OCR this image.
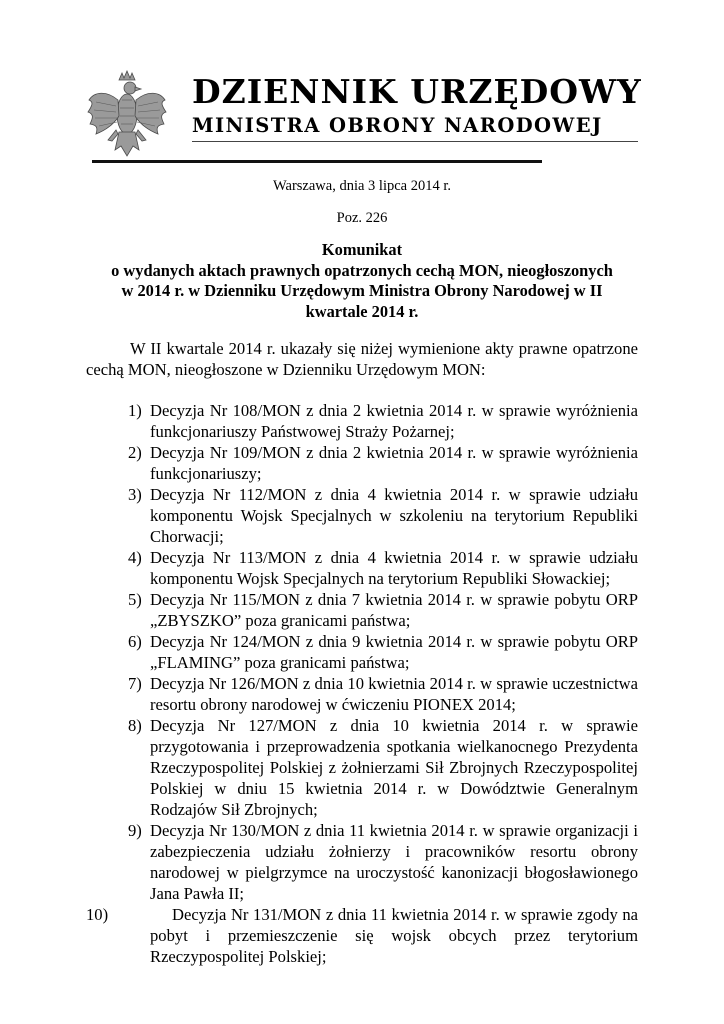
DZIENNIK URZĘDOWY
MINISTRA OBRONY NARODOWEJ
Warszawa, dnia 3 lipca 2014 r.
Poz. 226
Komunikat
o wydanych aktach prawnych opatrzonych cechą MON, nieogłoszonych
w 2014 r. w Dzienniku Urzędowym Ministra Obrony Narodowej w II
kwartale 2014 r.
W II kwartale 2014 r. ukazały się niżej wymienione akty prawne opatrzone cechą MON, nieogłoszone w Dzienniku Urzędowym MON:
1) Decyzja Nr 108/MON z dnia 2 kwietnia 2014 r. w sprawie wyróżnienia funkcjonariuszy Państwowej Straży Pożarnej;
2) Decyzja Nr 109/MON z dnia 2 kwietnia 2014 r. w sprawie wyróżnienia funkcjonariuszy;
3) Decyzja Nr 112/MON z dnia 4 kwietnia 2014 r. w sprawie udziału komponentu Wojsk Specjalnych w szkoleniu na terytorium Republiki Chorwacji;
4) Decyzja Nr 113/MON z dnia 4 kwietnia 2014 r. w sprawie udziału komponentu Wojsk Specjalnych na terytorium Republiki Słowackiej;
5) Decyzja Nr 115/MON z dnia 7 kwietnia 2014 r. w sprawie pobytu ORP „ZBYSZKO” poza granicami państwa;
6) Decyzja Nr 124/MON z dnia 9 kwietnia 2014 r. w sprawie pobytu ORP „FLAMING” poza granicami państwa;
7) Decyzja Nr 126/MON z dnia 10 kwietnia 2014 r. w sprawie uczestnictwa resortu obrony narodowej w ćwiczeniu PIONEX 2014;
8) Decyzja Nr 127/MON z dnia 10 kwietnia 2014 r. w sprawie przygotowania i przeprowadzenia spotkania wielkanocnego Prezydenta Rzeczypospolitej Polskiej z żołnierzami Sił Zbrojnych Rzeczypospolitej Polskiej w dniu 15 kwietnia 2014 r. w Dowództwie Generalnym Rodzajów Sił Zbrojnych;
9) Decyzja Nr 130/MON z dnia 11 kwietnia 2014 r. w sprawie organizacji i zabezpieczenia udziału żołnierzy i pracowników resortu obrony narodowej w pielgrzymce na uroczystość kanonizacji błogosławionego Jana Pawła II;
10)	Decyzja Nr 131/MON z dnia 11 kwietnia 2014 r. w sprawie zgody na pobyt i przemieszczenie się wojsk obcych przez terytorium Rzeczypospolitej Polskiej;
